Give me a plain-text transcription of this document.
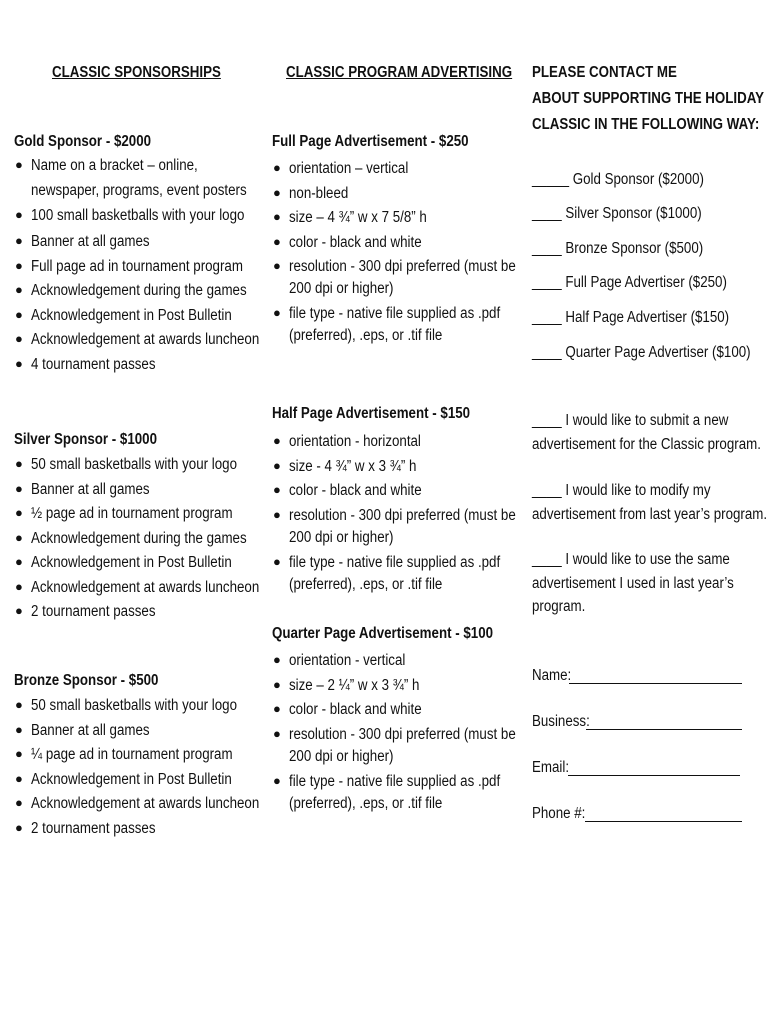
CLASSIC SPONSORSHIPS
Gold Sponsor - $2000
● Name on a bracket – online,
newspaper, programs, event posters
● 100 small basketballs with your logo
● Banner at all games
● Full page ad in tournament program
● Acknowledgement during the games
● Acknowledgement in Post Bulletin
● Acknowledgement at awards luncheon
● 4 tournament passes
Silver Sponsor - $1000
● 50 small basketballs with your logo
● Banner at all games
● ½ page ad in tournament program
● Acknowledgement during the games
● Acknowledgement in Post Bulletin
● Acknowledgement at awards luncheon
● 2 tournament passes
Bronze Sponsor - $500
● 50 small basketballs with your logo
● Banner at all games
● ¼ page ad in tournament program
● Acknowledgement in Post Bulletin
● Acknowledgement at awards luncheon
● 2 tournament passes
CLASSIC PROGRAM ADVERTISING
Full Page Advertisement - $250
● orientation – vertical
● non-bleed
● size – 4 ¾” w x 7 5/8” h
● color - black and white
● resolution - 300 dpi preferred (must be
200 dpi or higher)
● file type - native file supplied as .pdf
(preferred), .eps, or .tif file
Half Page Advertisement - $150
● orientation - horizontal
● size - 4 ¾” w x 3 ¾” h
● color - black and white
● resolution - 300 dpi preferred (must be
200 dpi or higher)
● file type - native file supplied as .pdf
(preferred), .eps, or .tif file
Quarter Page Advertisement - $100
● orientation - vertical
● size – 2 ¼” w x 3 ¾” h
● color - black and white
● resolution - 300 dpi preferred (must be
200 dpi or higher)
● file type - native file supplied as .pdf
(preferred), .eps, or .tif file
PLEASE CONTACT ME
ABOUT SUPPORTING THE HOLIDAY
CLASSIC IN THE FOLLOWING WAY:
_____ Gold Sponsor ($2000)
____ Silver Sponsor ($1000)
____ Bronze Sponsor ($500)
____ Full Page Advertiser ($250)
____ Half Page Advertiser ($150)
____ Quarter Page Advertiser ($100)
____ I would like to submit a new
advertisement for the Classic program.
____ I would like to modify my
advertisement from last year’s program.
____ I would like to use the same
advertisement I used in last year’s
program.
Name:
Business:
Email:
Phone #:
